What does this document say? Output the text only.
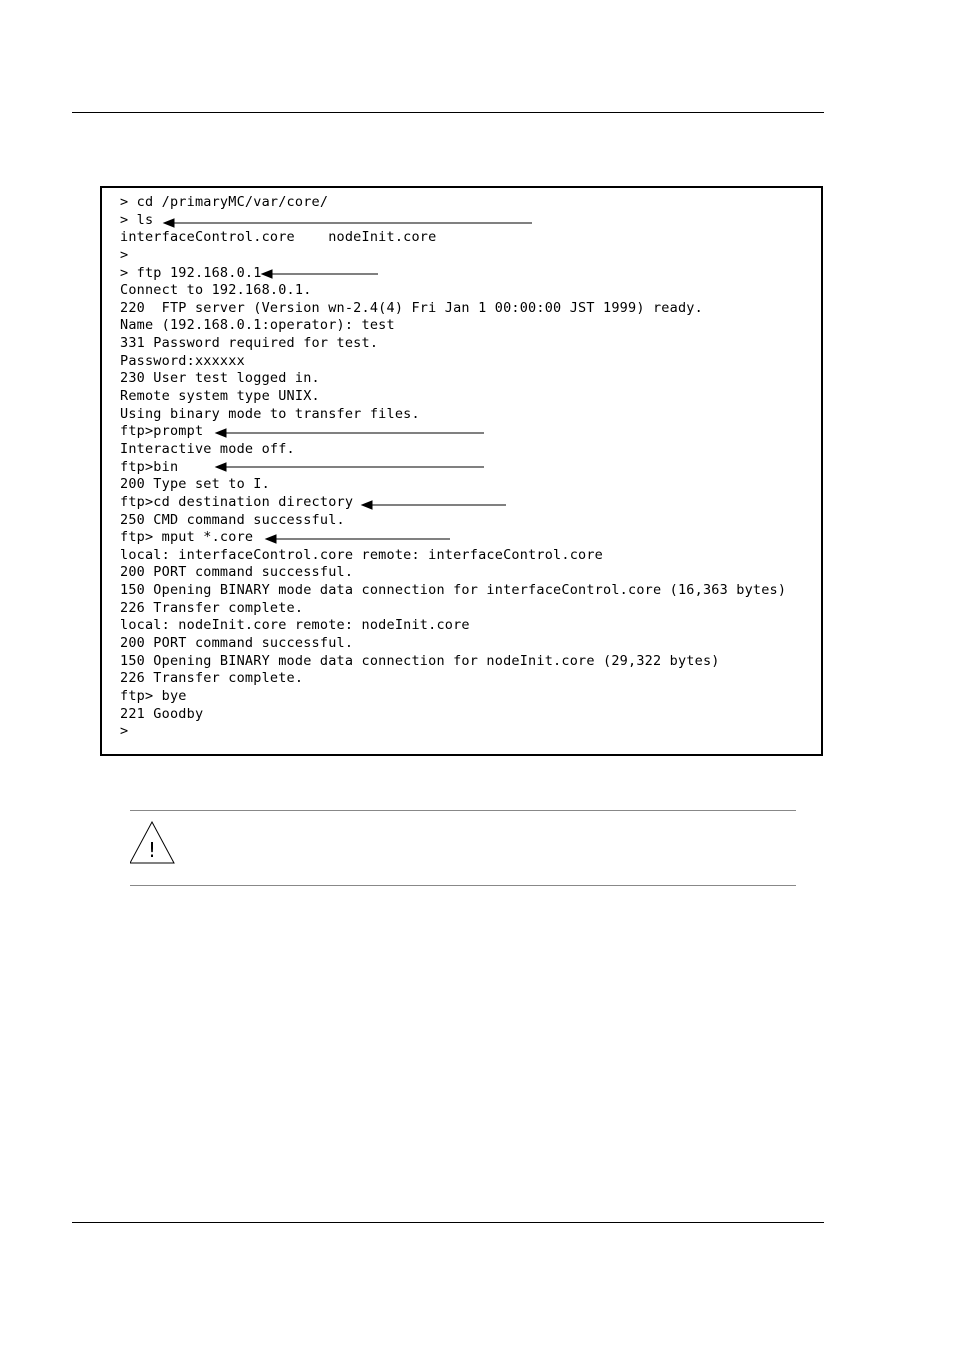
> cd /primaryMC/var/core/
> ls
interfaceControl.core    nodeInit.core
>
> ftp 192.168.0.1
Connect to 192.168.0.1.
220  FTP server (Version wn-2.4(4) Fri Jan 1 00:00:00 JST 1999) ready.
Name (192.168.0.1:operator): test
331 Password required for test.
Password:xxxxxx
230 User test logged in.
Remote system type UNIX.
Using binary mode to transfer files.
ftp>prompt
Interactive mode off.
ftp>bin
200 Type set to I.
ftp>cd destination directory
250 CMD command successful.
ftp> mput *.core
local: interfaceControl.core remote: interfaceControl.core
200 PORT command successful.
150 Opening BINARY mode data connection for interfaceControl.core (16,363 bytes)
226 Transfer complete.
local: nodeInit.core remote: nodeInit.core
200 PORT command successful.
150 Opening BINARY mode data connection for nodeInit.core (29,322 bytes)
226 Transfer complete.
ftp> bye
221 Goodby
>
!
